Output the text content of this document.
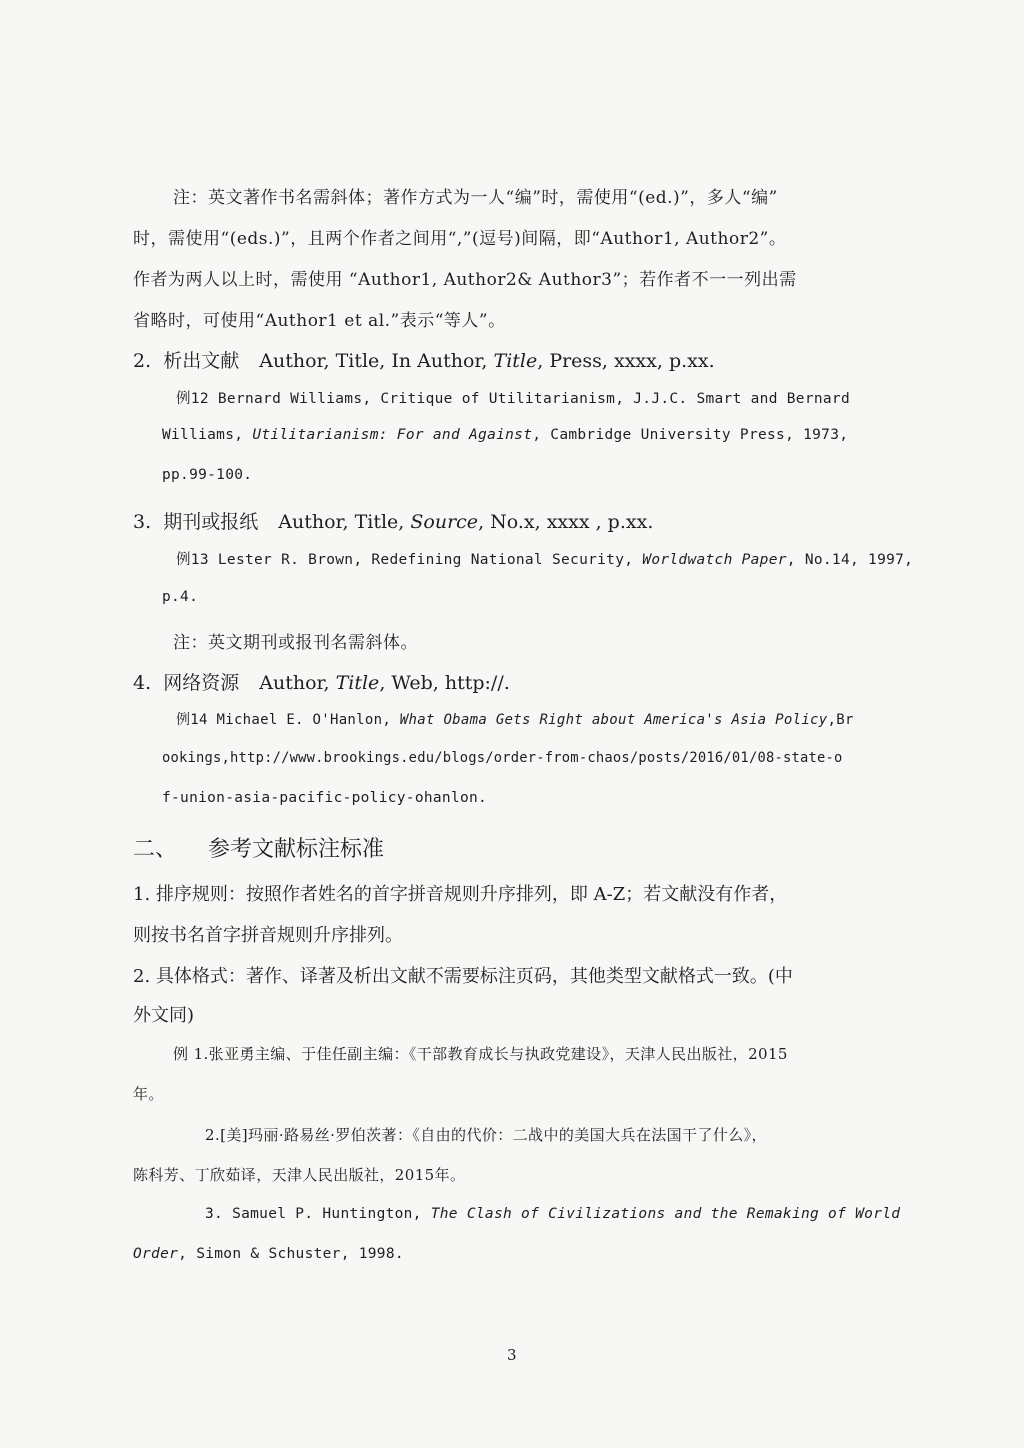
注：英文著作书名需斜体；著作方式为一人“编”时，需使用“(ed.)”，多人“编”
时，需使用“(eds.)”，且两个作者之间用“,”(逗号)间隔，即“Author1, Author2”。
作者为两人以上时，需使用 “Author1, Author2& Author3”；若作者不一一列出需
省略时，可使用“Author1 et al.”表示“等人”。
2. 析出文献 Author, Title, In Author, Title, Press, xxxx, p.xx.
例12 Bernard Williams, Critique of Utilitarianism, J.J.C. Smart and Bernard
Williams, Utilitarianism: For and Against, Cambridge University Press, 1973,
pp.99-100.
3. 期刊或报纸 Author, Title, Source, No.x, xxxx , p.xx.
例13 Lester R. Brown, Redefining National Security, Worldwatch Paper, No.14, 1997,
p.4.
注：英文期刊或报刊名需斜体。
4. 网络资源 Author, Title, Web, http://.
例14 Michael E. O'Hanlon, What Obama Gets Right about America's Asia Policy,Br
ookings,http://www.brookings.edu/blogs/order-from-chaos/posts/2016/01/08-state-o
f-union-asia-pacific-policy-ohanlon.
二、 参考文献标注标准
1. 排序规则：按照作者姓名的首字拼音规则升序排列，即 A-Z；若文献没有作者，
则按书名首字拼音规则升序排列。
2. 具体格式：著作、译著及析出文献不需要标注页码，其他类型文献格式一致。(中
外文同)
例 1.张亚勇主编、于佳任副主编：《干部教育成长与执政党建设》，天津人民出版社，2015
年。
2.[美]玛丽·路易丝·罗伯茨著：《自由的代价：二战中的美国大兵在法国干了什么》，
陈科芳、丁欣茹译，天津人民出版社，2015年。
3. Samuel P. Huntington, The Clash of Civilizations and the Remaking of World
Order, Simon & Schuster, 1998.
3
